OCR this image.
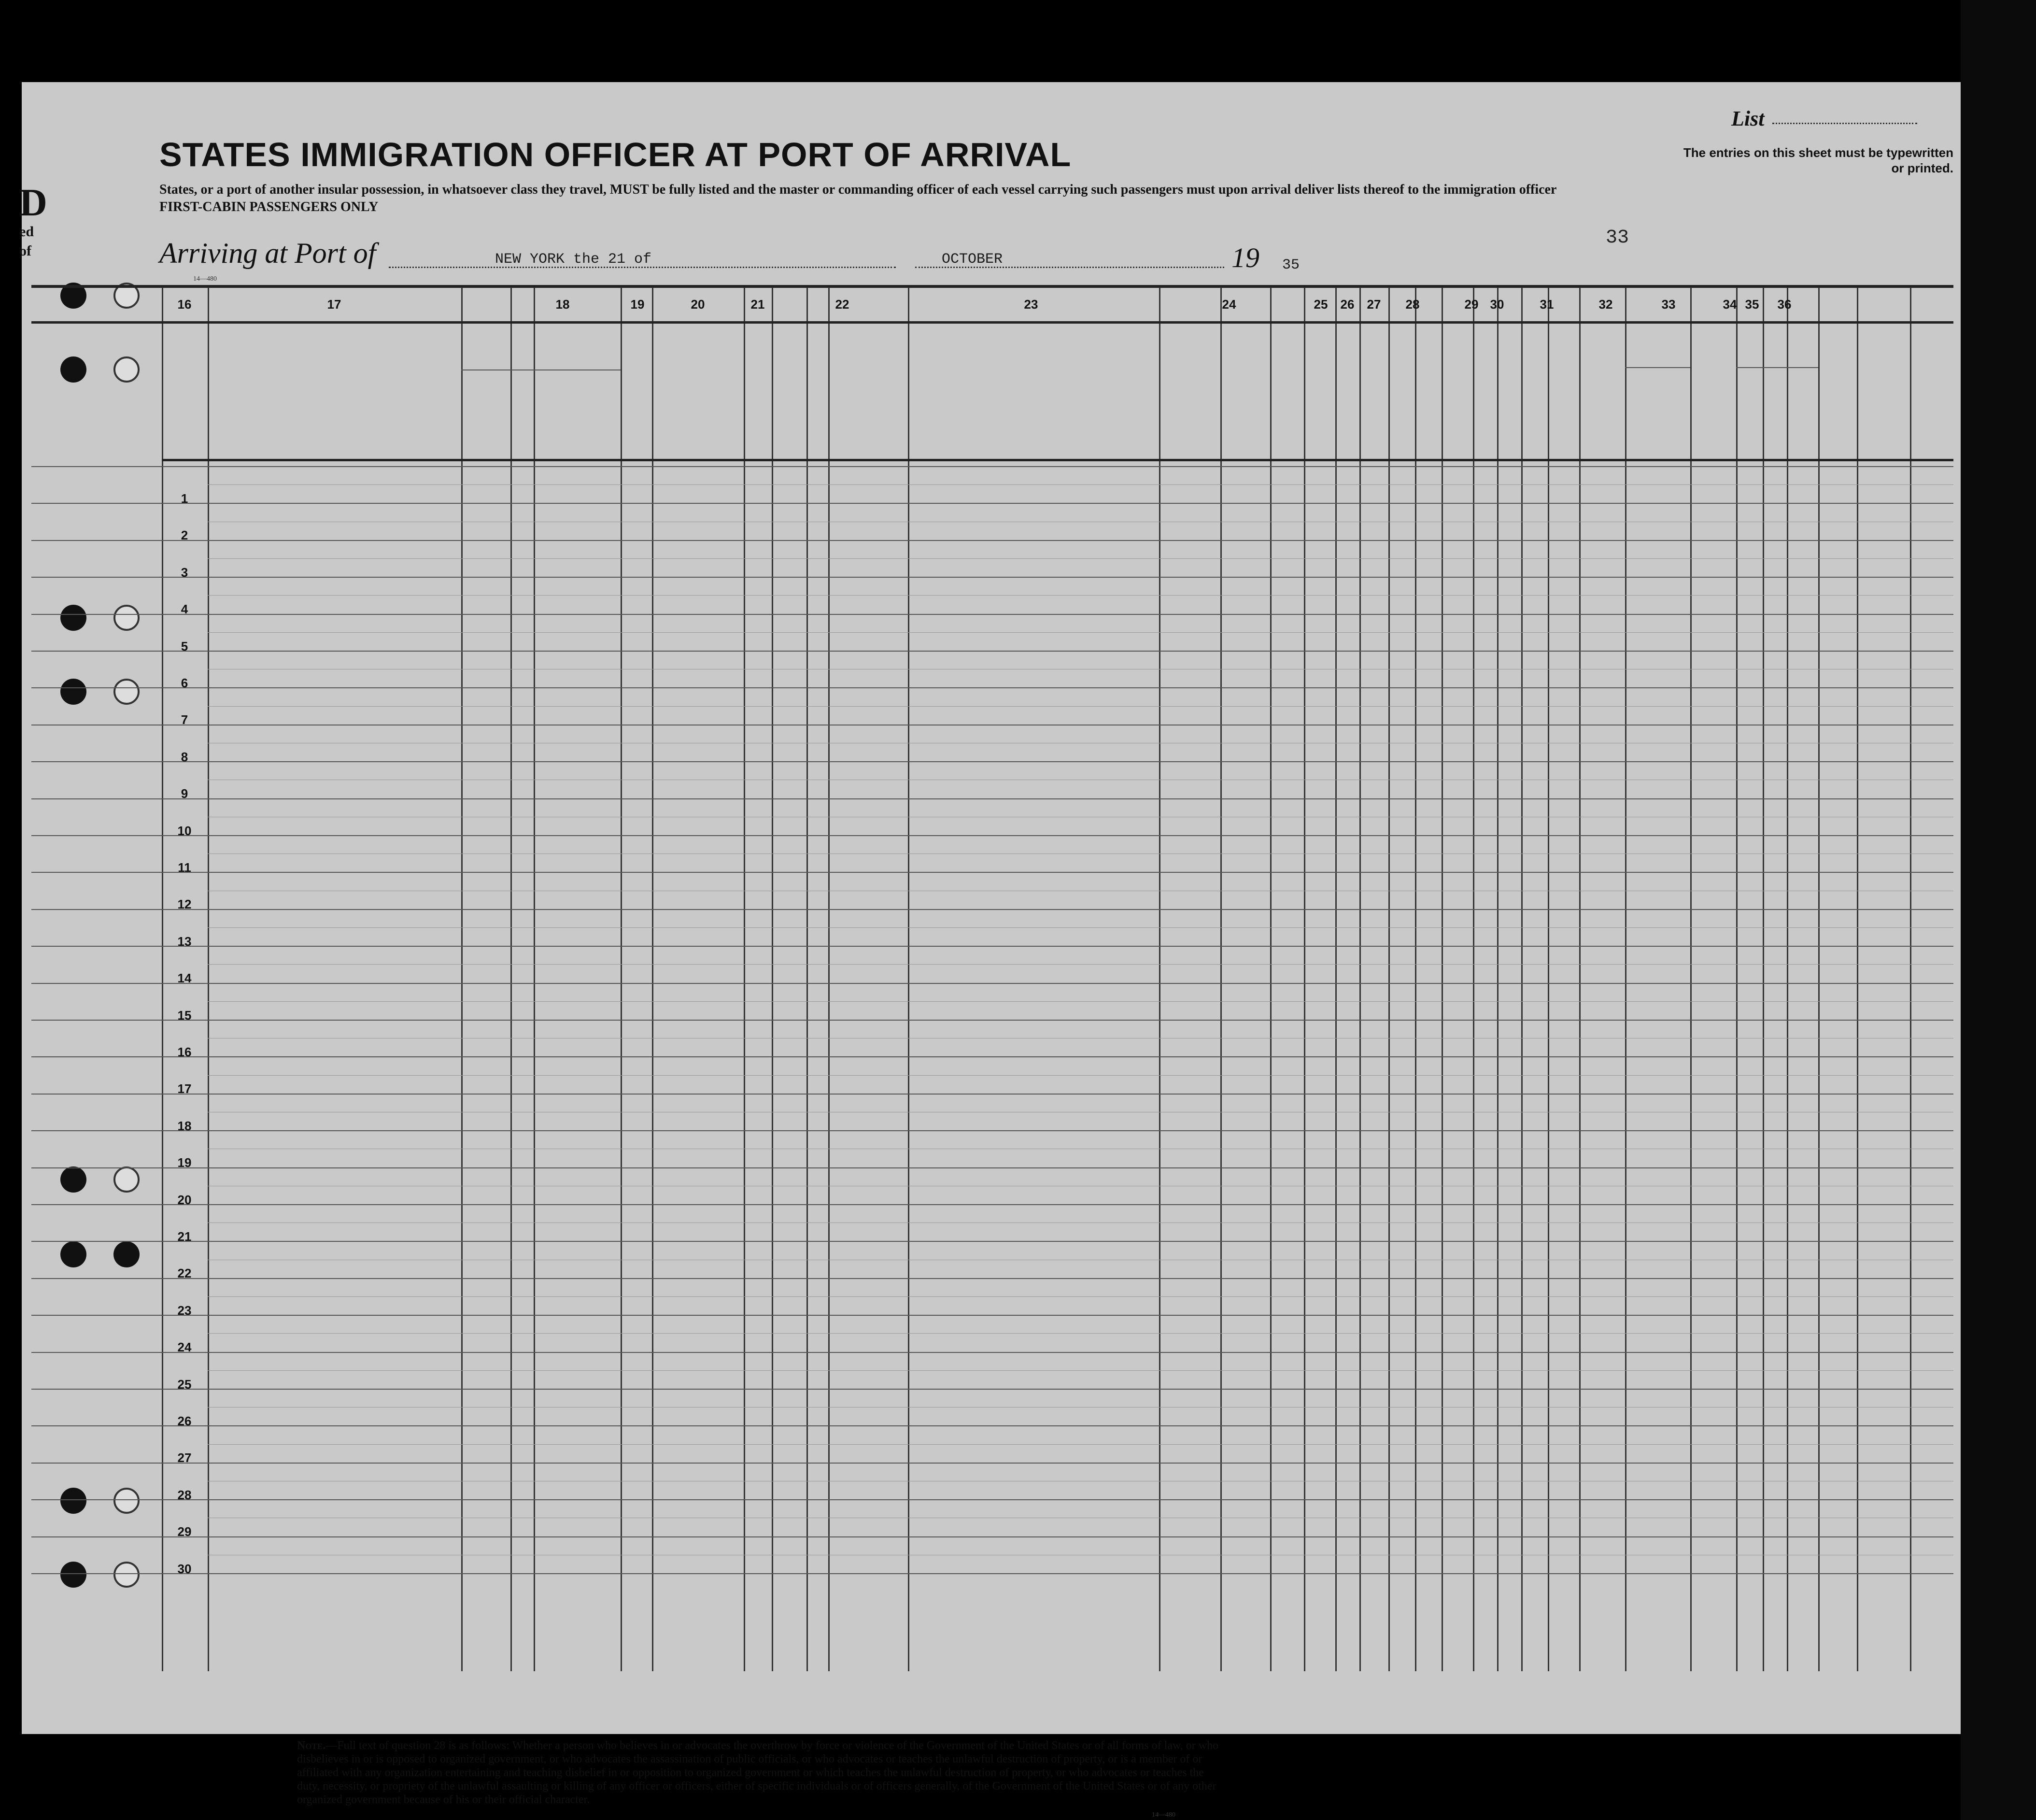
D
ed
of
List
The entries on this sheet must be typewritten or printed.
STATES IMMIGRATION OFFICER AT PORT OF ARRIVAL
States, or a port of another insular possession, in whatsoever class they travel, MUST be fully listed and the master or commanding officer of each vessel carrying such passengers must upon arrival deliver lists thereof to the immigration officer
FIRST-CABIN PASSENGERS ONLY
Arriving at Port of	NEW YORK the 21 of	OCTOBER	19 35
33
14—480
16	17	18	19	20	21	22	23	24	25	26	27	28	29 30	31	32	33	34 35	36
1
2
3
4
5
6
7
8
9
10
11
12
13
14
15
16
17
18
19
20
21
22
23
24
25
26
27
28
29
30
Note.—Full text of question 28 is as follows: Whether a person who believes in or advocates the overthrow by force or violence of the Government of the United States or of all forms of law, or who disbelieves in or is opposed to organized government, or who advocates the assassination of public officials, or who advocates or teaches the unlawful destruction of property, or is a member of or affiliated with any organization entertaining and teaching disbelief in or opposition to organized government or which teaches the unlawful destruction of property, or who advocates or teaches the duty, necessity, or propriety of the unlawful assaulting or killing of any officer or officers, either of specific individuals or of officers generally, of the Government of the United States or of any other organized government because of his or their official character.
14—480
